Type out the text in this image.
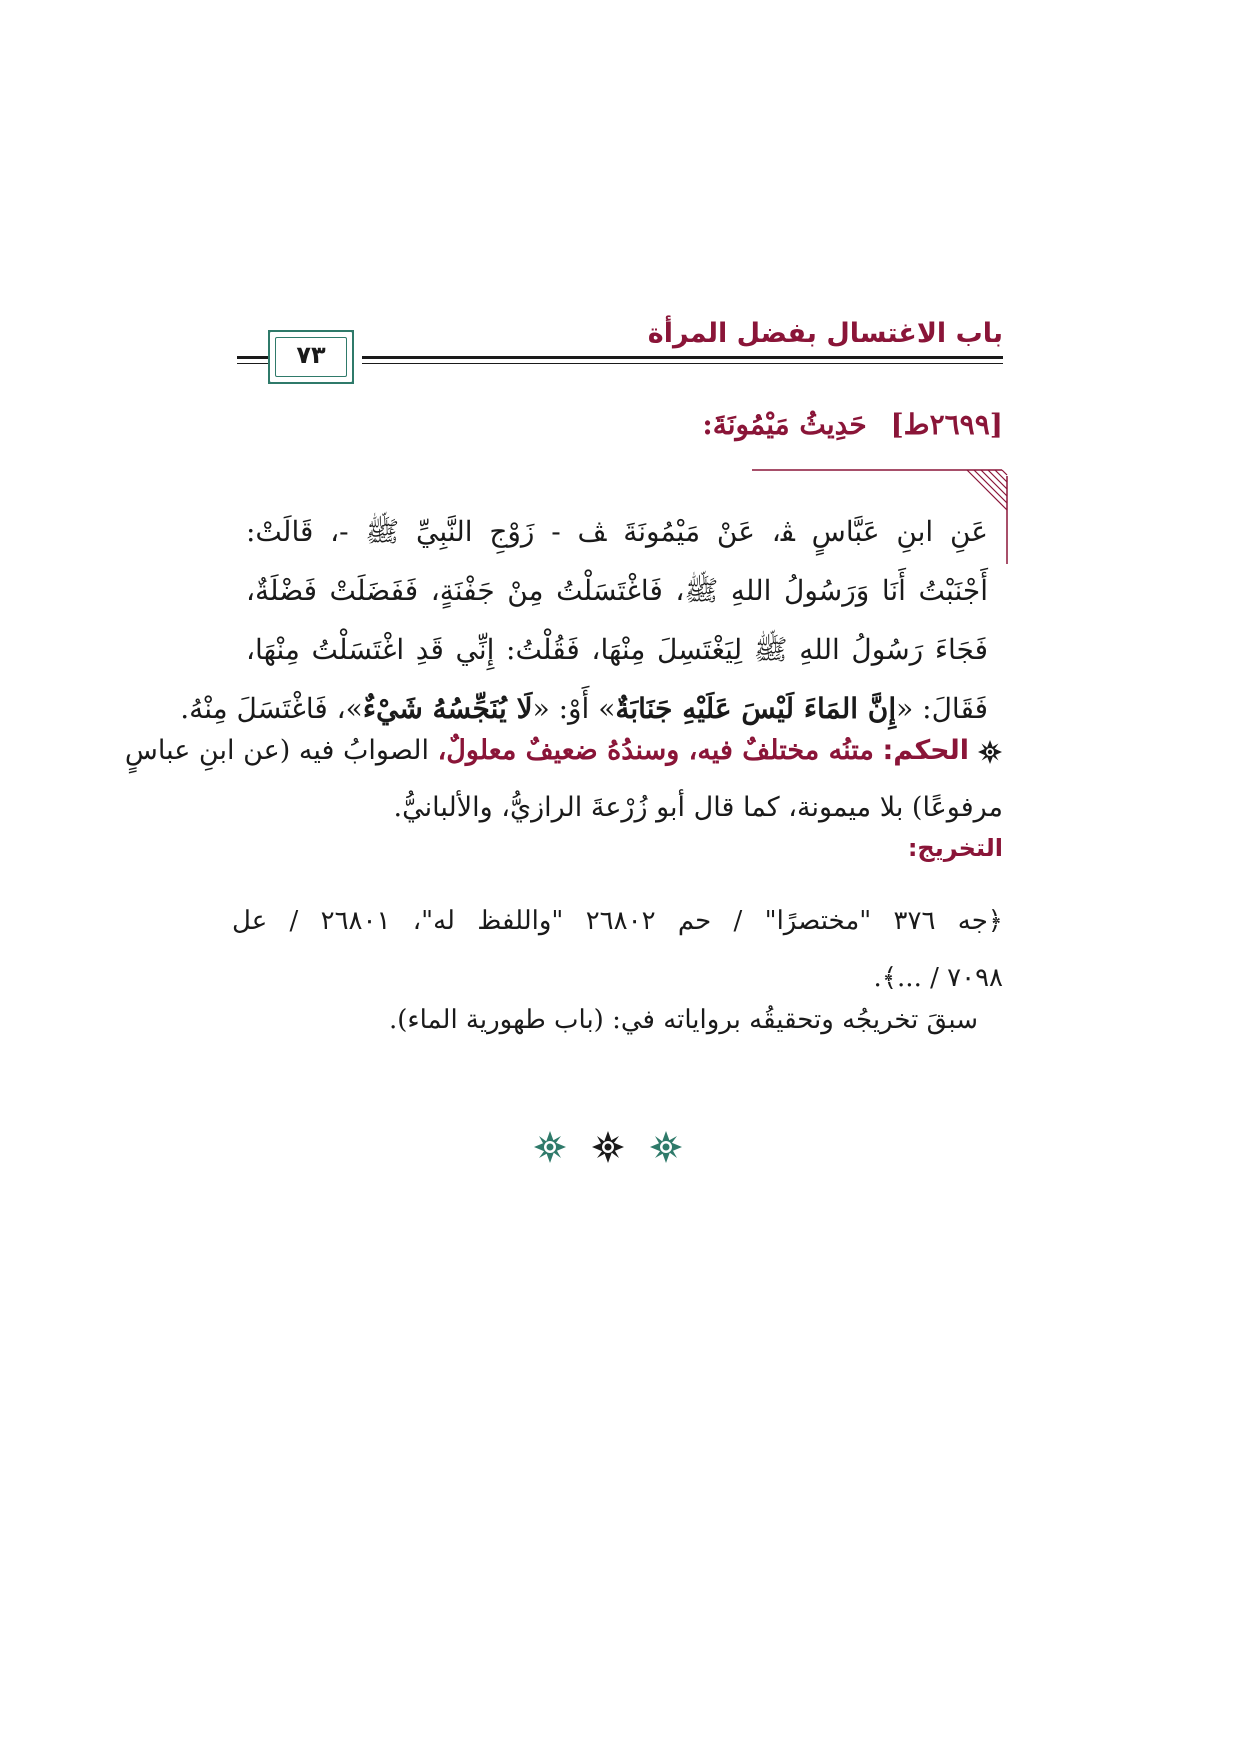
باب الاغتسال بفضل المرأة
٧٣
[٢٦٩٩ط] حَدِيثُ مَيْمُونَةَ:
عَنِ ابنِ عَبَّاسٍ ﭭ، عَنْ مَيْمُونَةَ ﭫ - زَوْجِ النَّبِيِّ ﷺ -، قَالَتْ:
أَجْنَبْتُ أَنَا وَرَسُولُ اللهِ ﷺ، فَاغْتَسَلْتُ مِنْ جَفْنَةٍ، فَفَضَلَتْ فَضْلَةٌ،
فَجَاءَ رَسُولُ اللهِ ﷺ لِيَغْتَسِلَ مِنْهَا، فَقُلْتُ: إِنِّي قَدِ اغْتَسَلْتُ مِنْهَا،
فَقَالَ: «إِنَّ المَاءَ لَيْسَ عَلَيْهِ جَنَابَةٌ» أَوْ: «لَا يُنَجِّسُهُ شَيْءٌ»، فَاغْتَسَلَ مِنْهُ.
الحكم: متنُه مختلفٌ فيه، وسندُهُ ضعيفٌ معلولٌ، الصوابُ فيه (عن ابنِ عباسٍ
مرفوعًا) بلا ميمونة، كما قال أبو زُرْعةَ الرازيُّ، والألبانيُّ.
التخريج:
﴿جه ٣٧٦ "مختصرًا" / حم ٢٦٨٠٢ "واللفظ له"، ٢٦٨٠١ / عل
٧٠٩٨ / ...﴾.
سبقَ تخريجُه وتحقيقُه برواياته في: (باب طهورية الماء).
